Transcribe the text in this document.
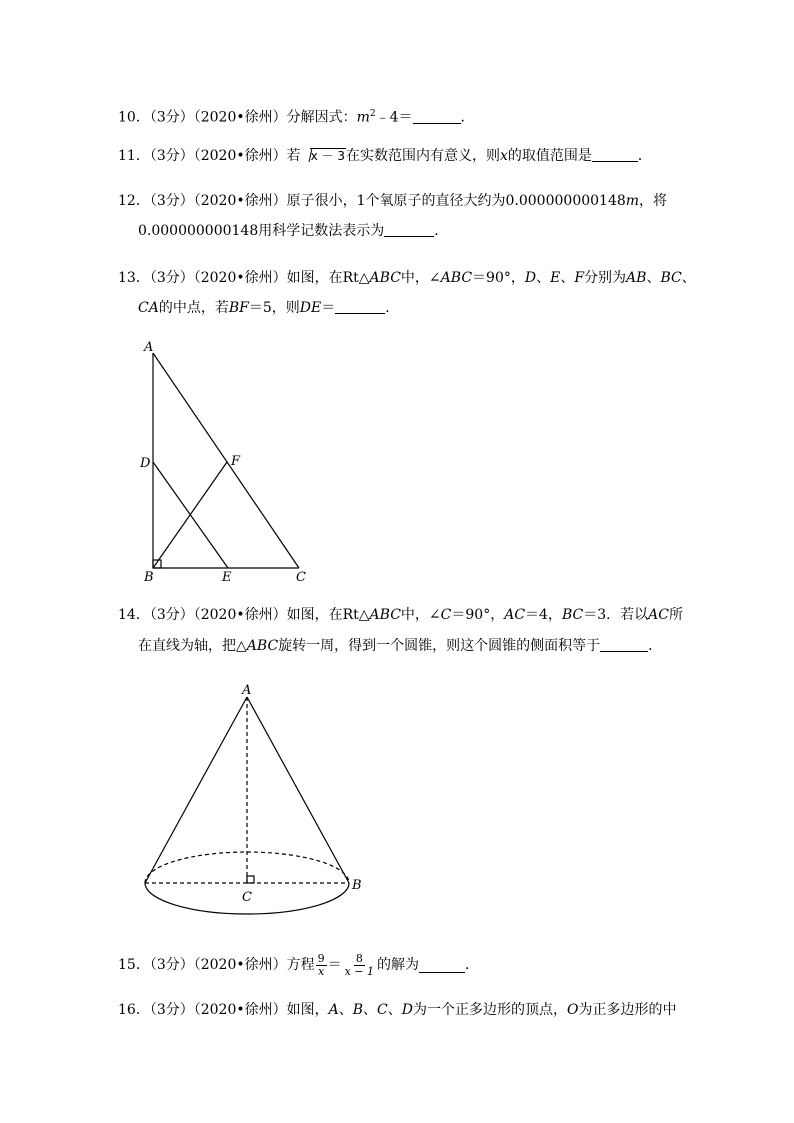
10．（3分）（2020•徐州）分解因式：$m^2﹣4=$	．
11．（3分）（2020•徐州）若 x － 3在实数范围内有意义，则x的取值范围是	．
12．（3分）（2020•徐州）原子很小，1个氧原子的直径大约为0.000000000148m，将
0.000000000148用科学记数法表示为	．
13．（3分）（2020•徐州）如图，在Rt△ABC中，∠ABC＝90°，D、E、F分别为AB、BC、
CA的中点，若BF＝5，则DE＝	．
A
D	F
B	E	C
14．（3分）（2020•徐州）如图，在Rt△ABC中，∠C＝90°，AC＝4，BC＝3．若以AC所
在直线为轴，把△ABC旋转一周，得到一个圆锥，则这个圆锥的侧面积等于	．
A
B
C
15．（3分）（2020•徐州）方程 $\frac{9}{x} = \frac{8}{x - 1}$ 的解为	．
16．（3分）（2020•徐州）如图，A、B、C、D为一个正多边形的顶点，O为正多边形的中
